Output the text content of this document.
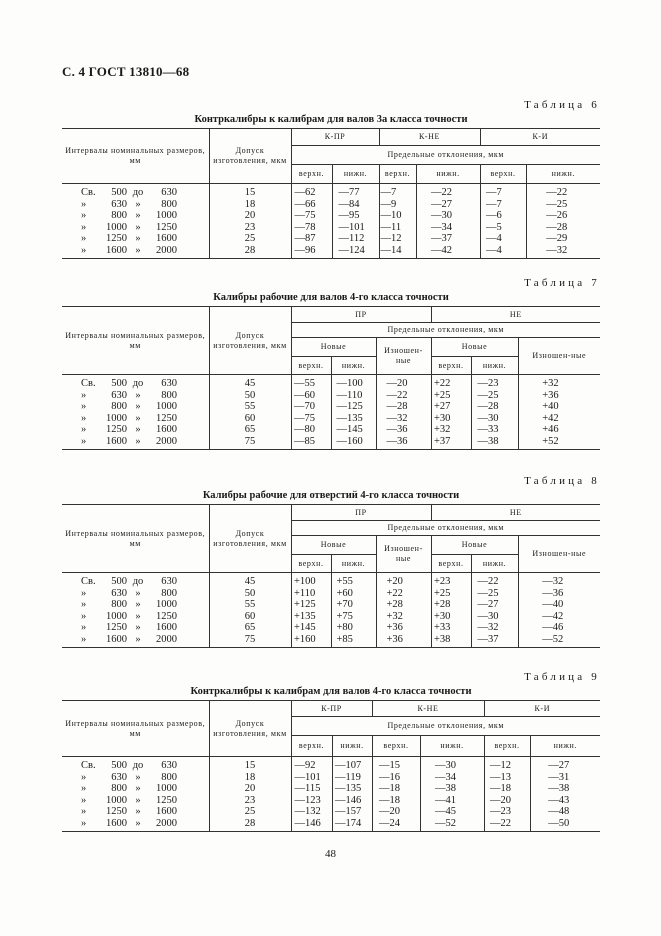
С. 4 ГОСТ 13810—68
Таблица 6
Контркалибры к калибрам для валов 3а класса точности
Интервалы номинальных размеров, мм	Допуск изготовления, мкм	К-ПР		К-НЕ		К-И	
		Предельные отклонения, мкм					
		верхн.	нижн.	верхн.	нижн.	верхн.	нижн.
Св. 500 до 630	15	—62	—77	—7	—22	—7	—22
» 630 » 800	18	—66	—84	—9	—27	—7	—25
» 800 » 1000	20	—75	—95	—10	—30	—6	—26
» 1000 » 1250	23	—78	—101	—11	—34	—5	—28
» 1250 » 1600	25	—87	—112	—12	—37	—4	—29
» 1600 » 2000	28	—96	—124	—14	—42	—4	—32
Таблица 7
Калибры рабочие для валов 4-го класса точности
Интервалы номинальных размеров, мм	Допуск изготовления, мкм	ПР			НЕ		
		Предельные отклонения, мкм					
		Новые		Изношен-ные	Новые		Изношен-ные
		верхн.	нижн.		верхн.	нижн.	
Св. 500 до 630	45	—55	—100	—20	+22	—23	+32
» 630 » 800	50	—60	—110	—22	+25	—25	+36
» 800 » 1000	55	—70	—125	—28	+27	—28	+40
» 1000 » 1250	60	—75	—135	—32	+30	—30	+42
» 1250 » 1600	65	—80	—145	—36	+32	—33	+46
» 1600 » 2000	75	—85	—160	—36	+37	—38	+52
Таблица 8
Калибры рабочие для отверстий 4-го класса точности
Интервалы номинальных размеров, мм	Допуск изготовления, мкм	ПР			НЕ		
		Предельные отклонения, мкм					
		Новые		Изношен-ные	Новые		Изношен-ные
		верхн.	нижн.		верхн.	нижн.	
Св. 500 до 630	45	+100	+55	+20	+23	—22	—32
» 630 » 800	50	+110	+60	+22	+25	—25	—36
» 800 » 1000	55	+125	+70	+28	+28	—27	—40
» 1000 » 1250	60	+135	+75	+32	+30	—30	—42
» 1250 » 1600	65	+145	+80	+36	+33	—32	—46
» 1600 » 2000	75	+160	+85	+36	+38	—37	—52
Таблица 9
Контркалибры к калибрам для валов 4-го класса точности
Интервалы номинальных размеров, мм	Допуск изготовления, мкм	К-ПР		К-НЕ		К-И	
		Предельные отклонения, мкм					
		верхн.	нижн.	верхн.	нижн.	верхн.	нижн.
Св. 500 до 630	15	—92	—107	—15	—30	—12	—27
» 630 » 800	18	—101	—119	—16	—34	—13	—31
» 800 » 1000	20	—115	—135	—18	—38	—18	—38
» 1000 » 1250	23	—123	—146	—18	—41	—20	—43
» 1250 » 1600	25	—132	—157	—20	—45	—23	—48
» 1600 » 2000	28	—146	—174	—24	—52	—22	—50
48
